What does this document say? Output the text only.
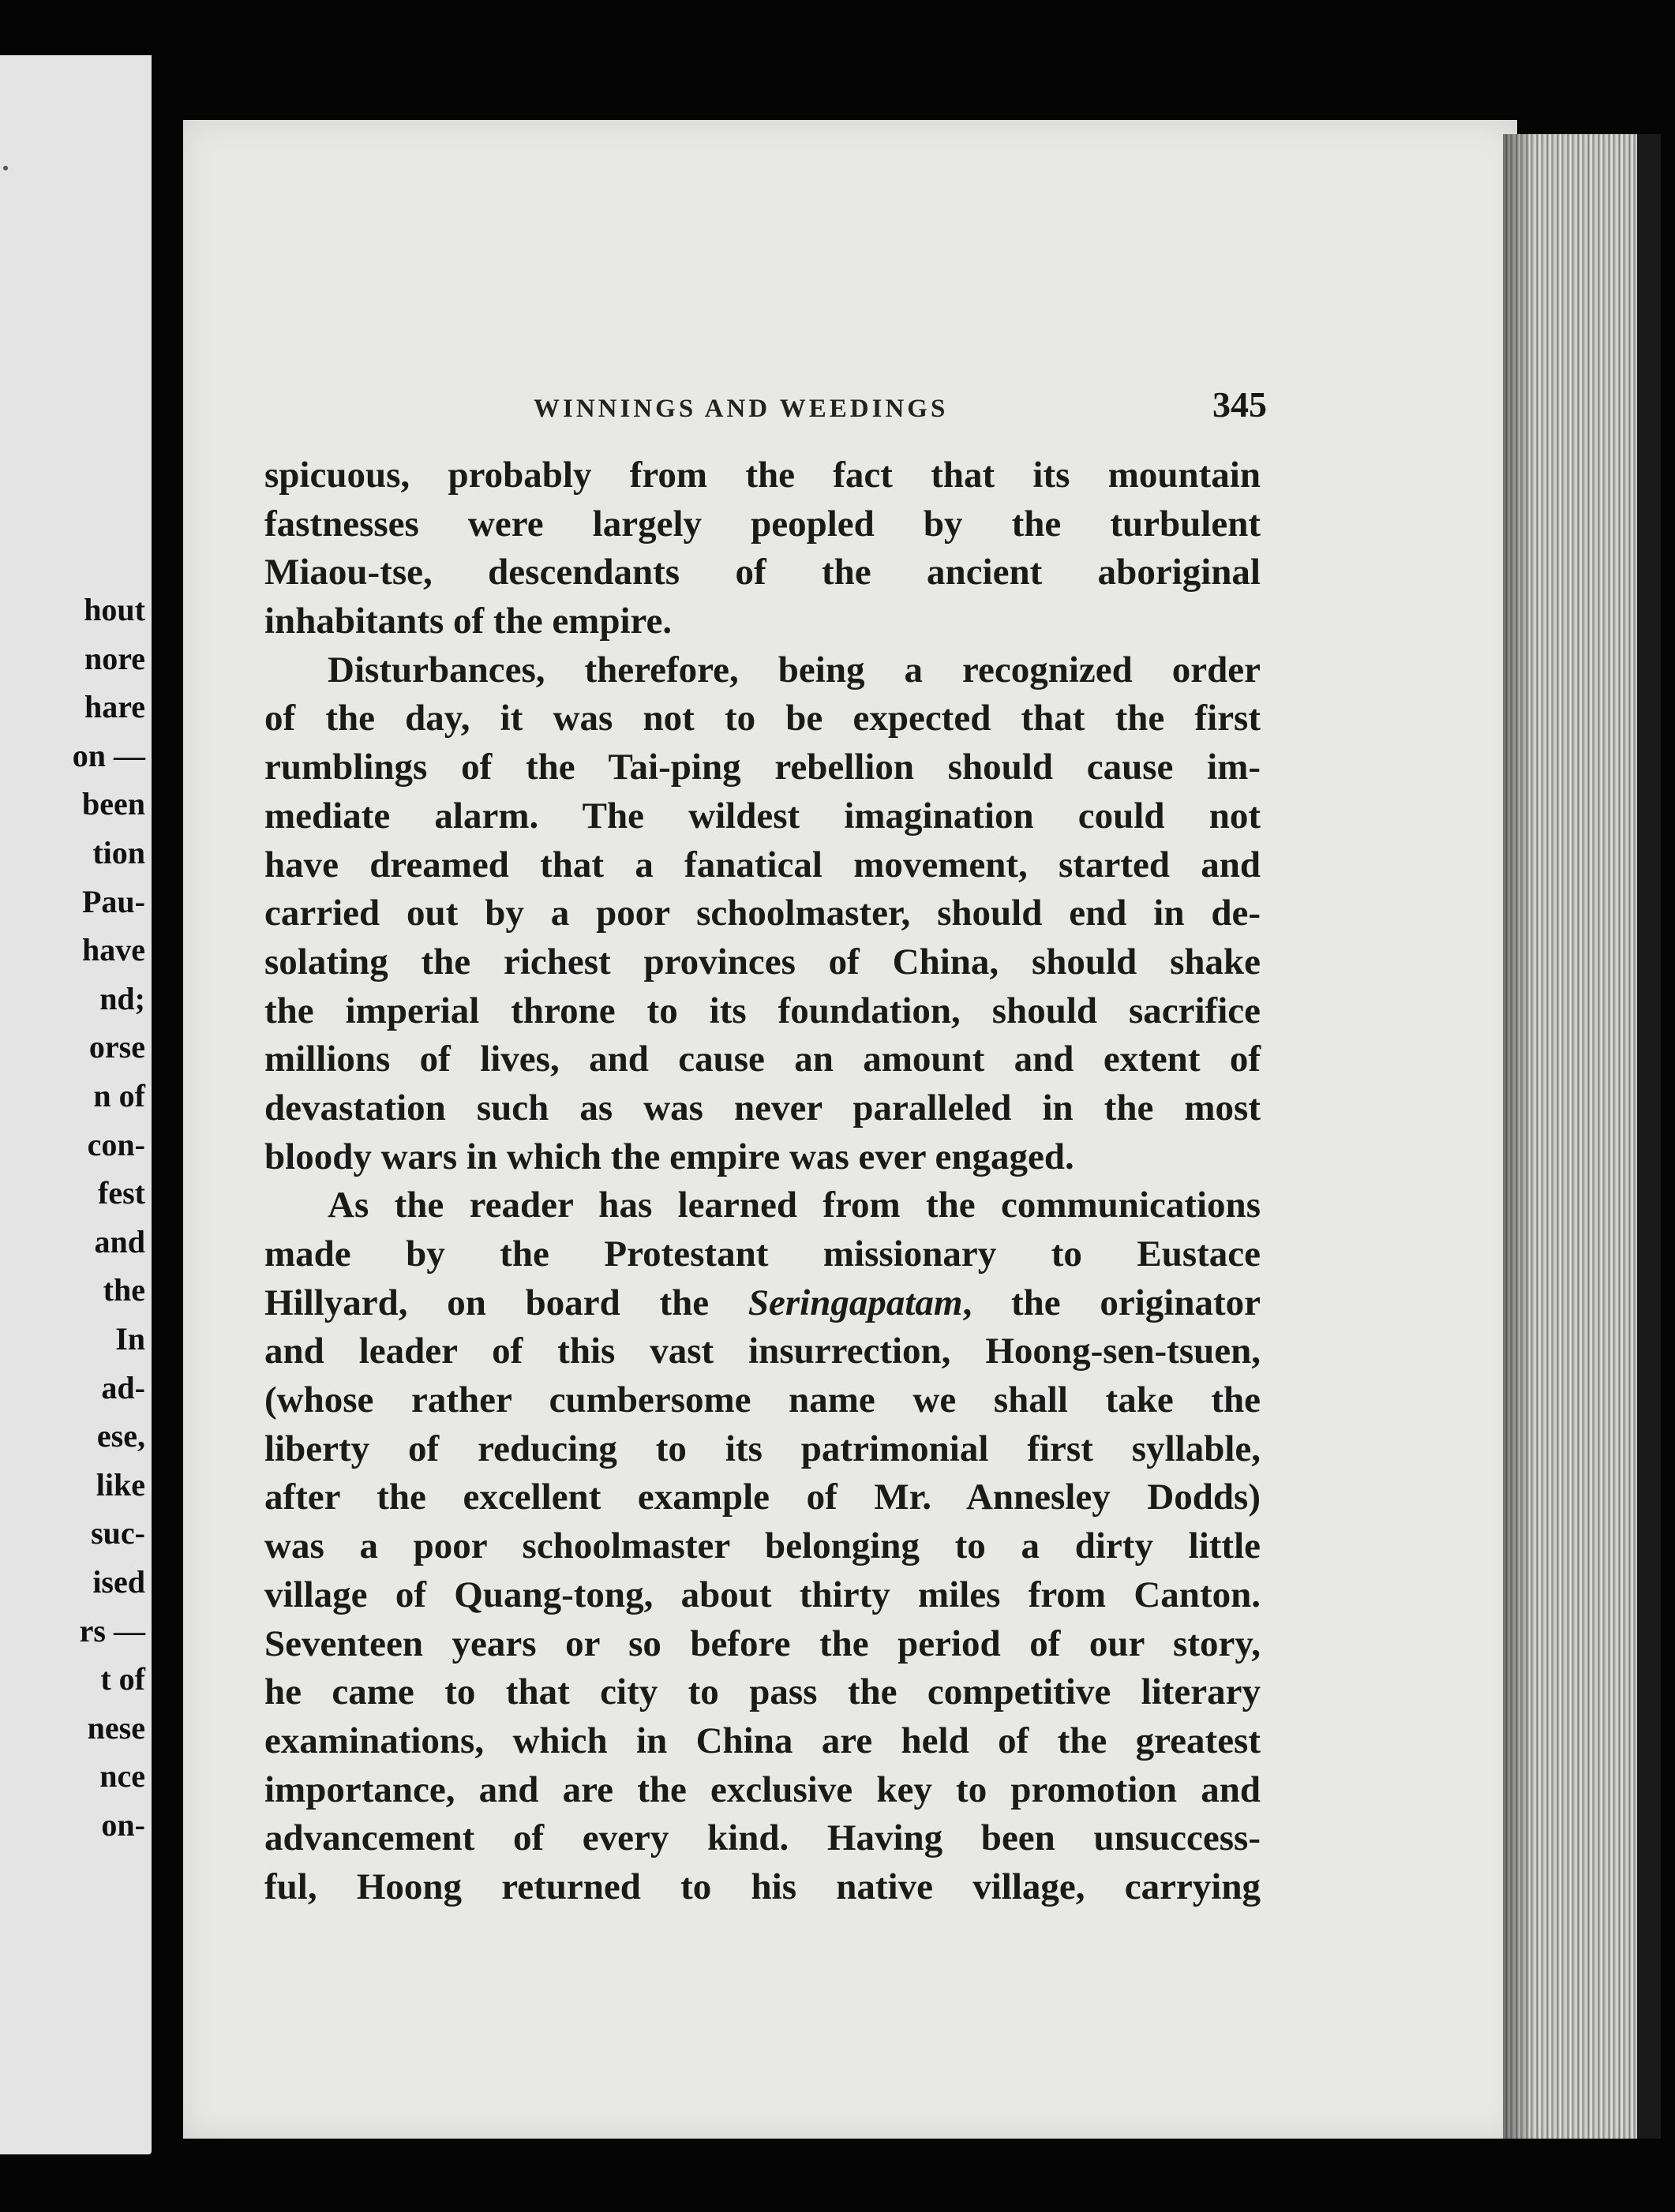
hout
nore
hare
on —
been
tion
Pau-
have
nd;
orse
n of
con-
fest
and
the
In
ad-
ese,
like
suc-
ised
rs —
t of
nese
nce
on-
WINNINGS AND WEEDINGS	345
spicuous, probably from the fact that its mountain
fastnesses were largely peopled by the turbulent
Miaou-tse, descendants of the ancient aboriginal
inhabitants of the empire.
Disturbances, therefore, being a recognized order
of the day, it was not to be expected that the first
rumblings of the Tai-ping rebellion should cause im-
mediate alarm. The wildest imagination could not
have dreamed that a fanatical movement, started and
carried out by a poor schoolmaster, should end in de-
solating the richest provinces of China, should shake
the imperial throne to its foundation, should sacrifice
millions of lives, and cause an amount and extent of
devastation such as was never paralleled in the most
bloody wars in which the empire was ever engaged.
As the reader has learned from the communications
made by the Protestant missionary to Eustace
Hillyard, on board the Seringapatam, the originator
and leader of this vast insurrection, Hoong-sen-tsuen,
(whose rather cumbersome name we shall take the
liberty of reducing to its patrimonial first syllable,
after the excellent example of Mr. Annesley Dodds)
was a poor schoolmaster belonging to a dirty little
village of Quang-tong, about thirty miles from Canton.
Seventeen years or so before the period of our story,
he came to that city to pass the competitive literary
examinations, which in China are held of the greatest
importance, and are the exclusive key to promotion and
advancement of every kind. Having been unsuccess-
ful, Hoong returned to his native village, carrying
